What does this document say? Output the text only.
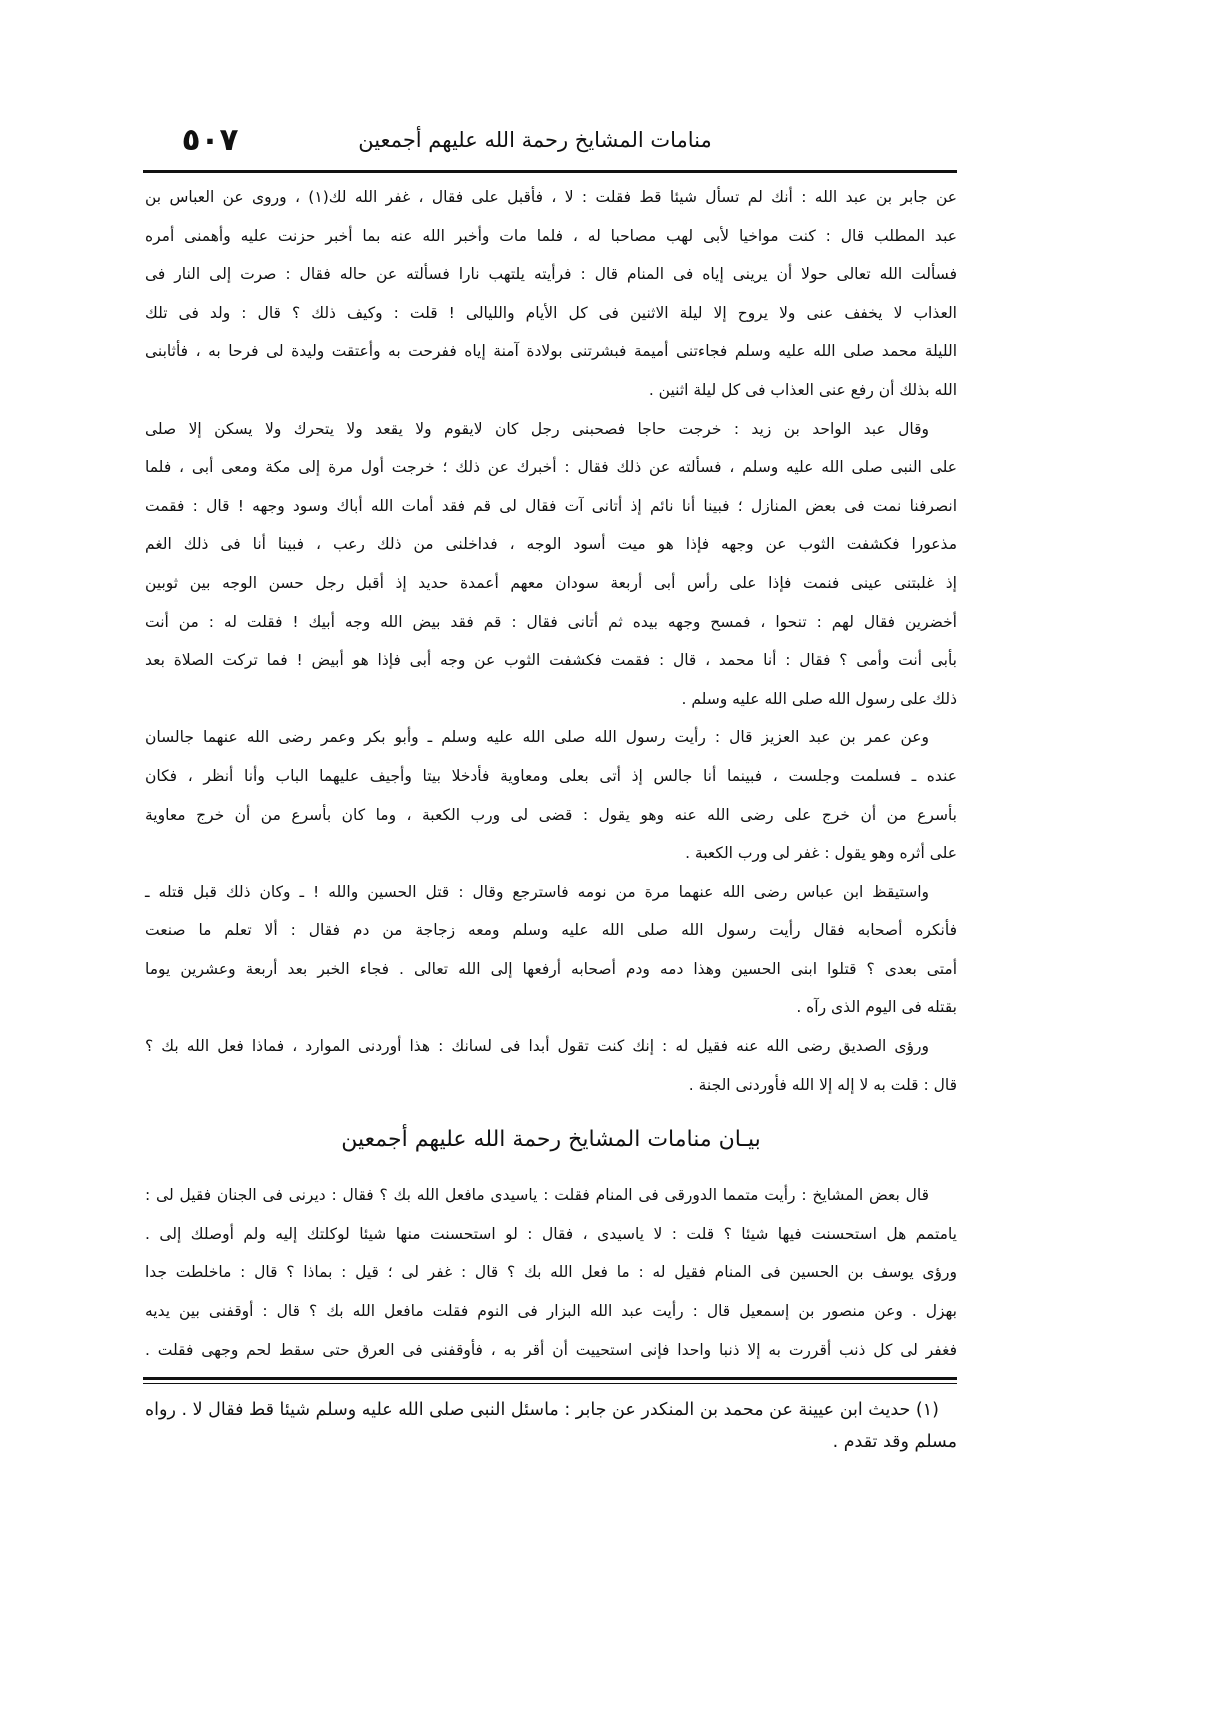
٥٠٧	منامات المشايخ رحمة الله عليهم أجمعين
عن جابر بن عبد الله : أنك لم تسأل شيئا قط فقلت : لا ، فأقبل على فقال ، غفر الله لك(١) ، وروى عن العباس بن
عبد المطلب قال : كنت مواخيا لأبى لهب مصاحبا له ، فلما مات وأخبر الله عنه بما أخبر حزنت عليه وأهمنى أمره
فسألت الله تعالى حولا أن يرينى إياه فى المنام قال : فرأيته يلتهب نارا فسألته عن حاله فقال : صرت إلى النار فى
العذاب لا يخفف عنى ولا يروح إلا ليلة الاثنين فى كل الأيام والليالى ! قلت : وكيف ذلك ؟ قال : ولد فى تلك
الليلة محمد صلى الله عليه وسلم فجاءتنى أميمة فبشرتنى بولادة آمنة إياه ففرحت به وأعتقت وليدة لى فرحا به ، فأثابنى
الله بذلك أن رفع عنى العذاب فى كل ليلة اثنين .
وقال عبد الواحد بن زيد : خرجت حاجا فصحبنى رجل كان لايقوم ولا يقعد ولا يتحرك ولا يسكن إلا صلى
على النبى صلى الله عليه وسلم ، فسألته عن ذلك فقال : أخبرك عن ذلك ؛ خرجت أول مرة إلى مكة ومعى أبى ، فلما
انصرفنا نمت فى بعض المنازل ؛ فبينا أنا نائم إذ أتانى آت فقال لى قم فقد أمات الله أباك وسود وجهه ! قال : فقمت
مذعورا فكشفت الثوب عن وجهه فإذا هو ميت أسود الوجه ، فداخلنى من ذلك رعب ، فبينا أنا فى ذلك الغم
إذ غلبتنى عينى فنمت فإذا على رأس أبى أربعة سودان معهم أعمدة حديد إذ أقبل رجل حسن الوجه بين ثوبين
أخضرين فقال لهم : تنحوا ، فمسح وجهه بيده ثم أتانى فقال : قم فقد بيض الله وجه أبيك ! فقلت له : من أنت
بأبى أنت وأمى ؟ فقال : أنا محمد ، قال : فقمت فكشفت الثوب عن وجه أبى فإذا هو أبيض ! فما تركت الصلاة بعد
ذلك على رسول الله صلى الله عليه وسلم .
وعن عمر بن عبد العزيز قال : رأيت رسول الله صلى الله عليه وسلم ـ وأبو بكر وعمر رضى الله عنهما جالسان
عنده ـ فسلمت وجلست ، فبينما أنا جالس إذ أتى بعلى ومعاوية فأدخلا بيتا وأجيف عليهما الباب وأنا أنظر ، فكان
بأسرع من أن خرج على رضى الله عنه وهو يقول : قضى لى ورب الكعبة ، وما كان بأسرع من أن خرج معاوية
على أثره وهو يقول : غفر لى ورب الكعبة .
واستيقظ ابن عباس رضى الله عنهما مرة من نومه فاسترجع وقال : قتل الحسين والله ! ـ وكان ذلك قبل قتله ـ
فأنكره أصحابه فقال رأيت رسول الله صلى الله عليه وسلم ومعه زجاجة من دم فقال : ألا تعلم ما صنعت
أمتى بعدى ؟ قتلوا ابنى الحسين وهذا دمه ودم أصحابه أرفعها إلى الله تعالى . فجاء الخبر بعد أربعة وعشرين يوما
بقتله فى اليوم الذى رآه .
ورؤى الصديق رضى الله عنه فقيل له : إنك كنت تقول أبدا فى لسانك : هذا أوردنى الموارد ، فماذا فعل الله بك ؟
قال : قلت به لا إله إلا الله فأوردنى الجنة .
بيـان منامات المشايخ رحمة الله عليهم أجمعين
قال بعض المشايخ : رأيت متمما الدورقى فى المنام فقلت : ياسيدى مافعل الله بك ؟ فقال : ديرنى فى الجنان فقيل لى :
يامتمم هل استحسنت فيها شيئا ؟ قلت : لا ياسيدى ، فقال : لو استحسنت منها شيئا لوكلتك إليه ولم أوصلك إلى .
ورؤى يوسف بن الحسين فى المنام فقيل له : ما فعل الله بك ؟ قال : غفر لى ؛ قيل : بماذا ؟ قال : ماخلطت جدا
بهزل . وعن منصور بن إسمعيل قال : رأيت عبد الله البزار فى النوم فقلت مافعل الله بك ؟ قال : أوقفنى بين يديه
فغفر لى كل ذنب أقررت به إلا ذنبا واحدا فإنى استحييت أن أقر به ، فأوقفنى فى العرق حتى سقط لحم وجهى فقلت .
(١) حديث ابن عيينة عن محمد بن المنكدر عن جابر : ماسئل النبى صلى الله عليه وسلم شيئا قط فقال لا . رواه
مسلم وقد تقدم .
